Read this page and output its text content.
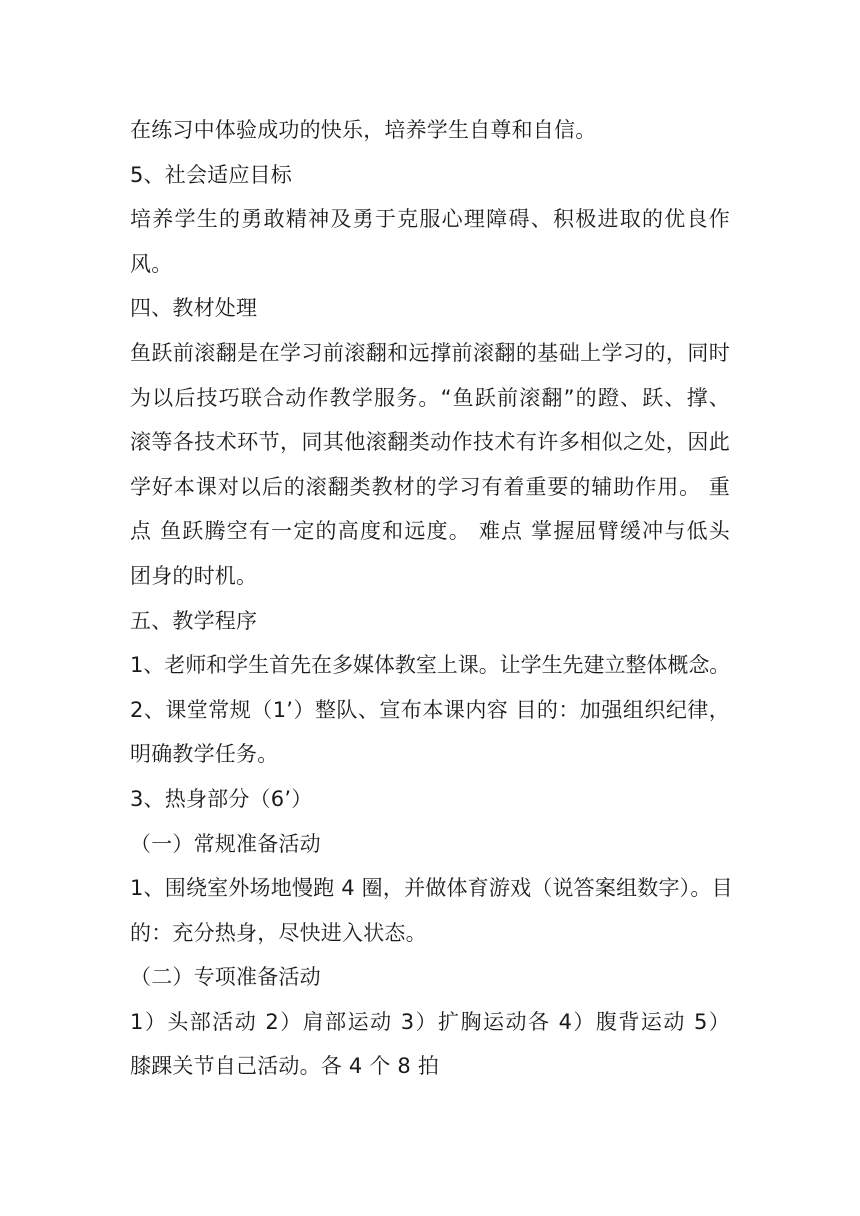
在练习中体验成功的快乐，培养学生自尊和自信。
5、社会适应目标
培养学生的勇敢精神及勇于克服心理障碍、积极进取的优良作
风。
四、教材处理
鱼跃前滚翻是在学习前滚翻和远撑前滚翻的基础上学习的，同时
为以后技巧联合动作教学服务。“鱼跃前滚翻”的蹬、跃、撑、
滚等各技术环节，同其他滚翻类动作技术有许多相似之处，因此
学好本课对以后的滚翻类教材的学习有着重要的辅助作用。 重
点 鱼跃腾空有一定的高度和远度。 难点 掌握屈臂缓冲与低头
团身的时机。
五、教学程序
1、老师和学生首先在多媒体教室上课。让学生先建立整体概念。
2、课堂常规（1’）整队、宣布本课内容 目的：加强组织纪律，
明确教学任务。
3、热身部分（6’）
（一）常规准备活动
1、围绕室外场地慢跑 4 圈，并做体育游戏（说答案组数字）。目
的：充分热身，尽快进入状态。
（二）专项准备活动
1）头部活动 2）肩部运动 3）扩胸运动各 4）腹背运动 5）
膝踝关节自己活动。各 4 个 8 拍
